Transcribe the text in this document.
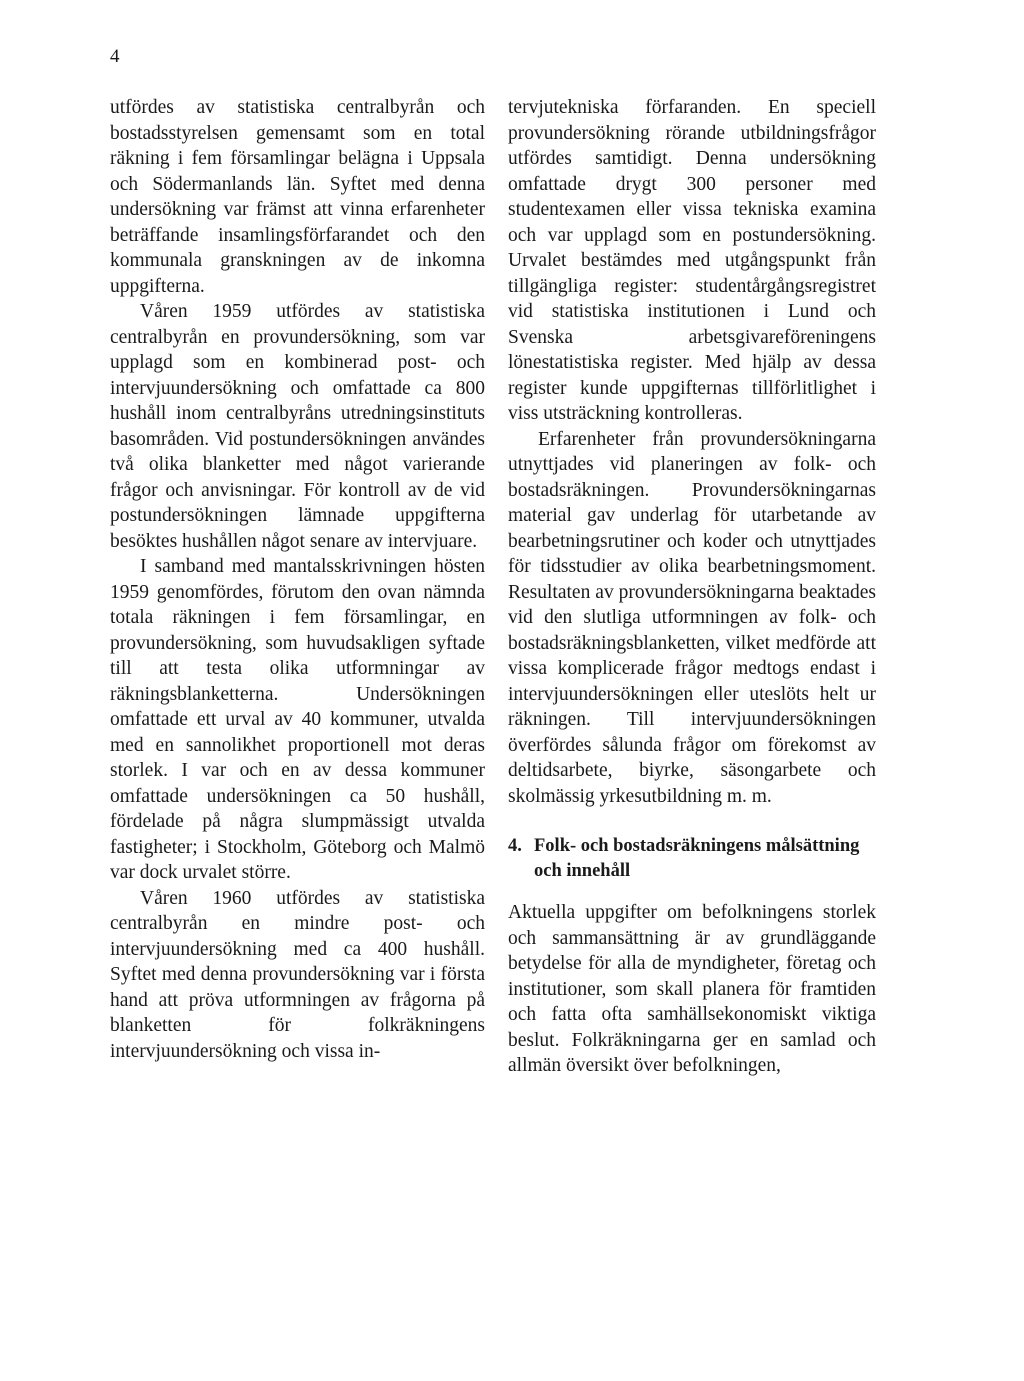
4

utfördes av statistiska centralbyrån och bostadsstyrelsen gemensamt som en total räkning i fem församlingar belägna i Uppsala och Södermanlands län. Syftet med denna undersökning var främst att vinna erfarenheter beträffande insamlingsförfarandet och den kommunala granskningen av de inkomna uppgifterna.

Våren 1959 utfördes av statistiska centralbyrån en provundersökning, som var upplagd som en kombinerad post- och intervjuundersökning och omfattade ca 800 hushåll inom centralbyråns utredningsinstituts basområden. Vid postundersökningen användes två olika blanketter med något varierande frågor och anvisningar. För kontroll av de vid postundersökningen lämnade uppgifterna besöktes hushållen något senare av intervjuare.

I samband med mantalsskrivningen hösten 1959 genomfördes, förutom den ovan nämnda totala räkningen i fem församlingar, en provundersökning, som huvudsakligen syftade till att testa olika utformningar av räkningsblanketterna. Undersökningen omfattade ett urval av 40 kommuner, utvalda med en sannolikhet proportionell mot deras storlek. I var och en av dessa kommuner omfattade undersökningen ca 50 hushåll, fördelade på några slumpmässigt utvalda fastigheter; i Stockholm, Göteborg och Malmö var dock urvalet större.

Våren 1960 utfördes av statistiska centralbyrån en mindre post- och intervjuundersökning med ca 400 hushåll. Syftet med denna provundersökning var i första hand att pröva utformningen av frågorna på blanketten för folkräkningens intervjuundersökning och vissa in-

tervjutekniska förfaranden. En speciell provundersökning rörande utbildningsfrågor utfördes samtidigt. Denna undersökning omfattade drygt 300 personer med studentexamen eller vissa tekniska examina och var upplagd som en postundersökning. Urvalet bestämdes med utgångspunkt från tillgängliga register: studentårgångsregistret vid statistiska institutionen i Lund och Svenska arbetsgivareföreningens lönestatistiska register. Med hjälp av dessa register kunde uppgifternas tillförlitlighet i viss utsträckning kontrolleras.

Erfarenheter från provundersökningarna utnyttjades vid planeringen av folk- och bostadsräkningen. Provundersökningarnas material gav underlag för utarbetande av bearbetningsrutiner och koder och utnyttjades för tidsstudier av olika bearbetningsmoment. Resultaten av provundersökningarna beaktades vid den slutliga utformningen av folk- och bostadsräkningsblanketten, vilket medförde att vissa komplicerade frågor medtogs endast i intervjuundersökningen eller uteslöts helt ur räkningen. Till intervjuundersökningen överfördes sålunda frågor om förekomst av deltidsarbete, biyrke, säsongarbete och skolmässig yrkesutbildning m. m.

4. Folk- och bostadsräkningens målsättning och innehåll

Aktuella uppgifter om befolkningens storlek och sammansättning är av grundläggande betydelse för alla de myndigheter, företag och institutioner, som skall planera för framtiden och fatta ofta samhällsekonomiskt viktiga beslut. Folkräkningarna ger en samlad och allmän översikt över befolkningen,
